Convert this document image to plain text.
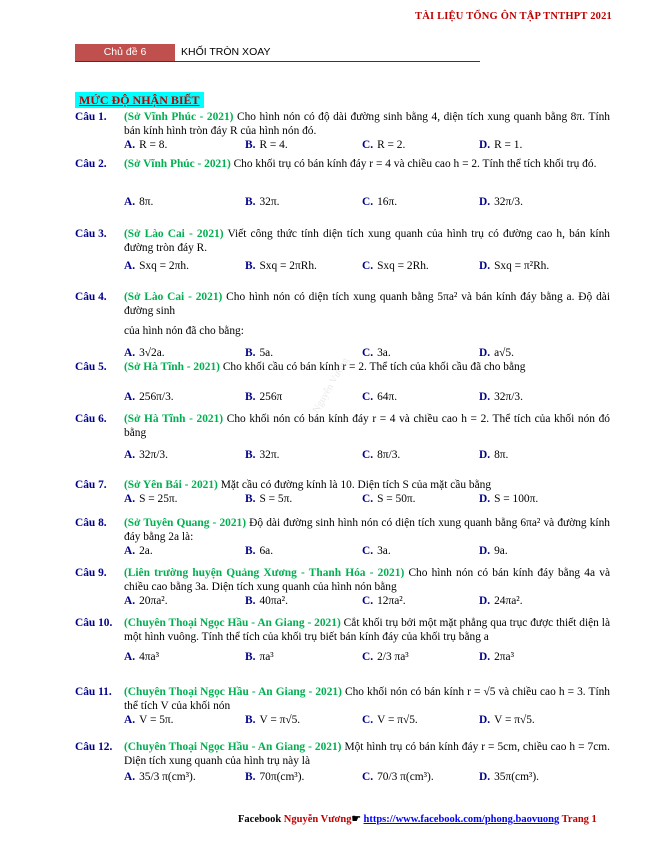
TÀI LIỆU TỔNG ÔN TẬP TNTHPT 2021
Chủ đề 6	KHỐI TRÒN XOAY
MỨC ĐỘ NHẬN BIẾT
Nguyễn Vương
Câu 1. (Sở Vĩnh Phúc - 2021) Cho hình nón có độ dài đường sinh bằng 4, diện tích xung quanh bằng 8π. Tính bán kính hình tròn đáy R của hình nón đó.
A. R = 8.	B. R = 4.	C. R = 2.	D. R = 1.
Câu 2. (Sở Vĩnh Phúc - 2021) Cho khối trụ có bán kính đáy r = 4 và chiều cao h = 2. Tính thể tích khối trụ đó.
A. 8π.	B. 32π.	C. 16π.	D. 32π/3.
Câu 3. (Sở Lào Cai - 2021) Viết công thức tính diện tích xung quanh của hình trụ có đường cao h, bán kính đường tròn đáy R.
A. Sxq = 2πh.	B. Sxq = 2πRh.	C. Sxq = 2Rh.	D. Sxq = π²Rh.
Câu 4. (Sở Lào Cai - 2021) Cho hình nón có diện tích xung quanh bằng 5πa² và bán kính đáy bằng a. Độ dài đường sinh
của hình nón đã cho bằng:
A. 3√2a.	B. 5a.	C. 3a.	D. a√5.
Câu 5. (Sở Hà Tĩnh - 2021) Cho khối cầu có bán kính r = 2. Thể tích của khối cầu đã cho bằng
A. 256π/3.	B. 256π	C. 64π.	D. 32π/3.
Câu 6. (Sở Hà Tĩnh - 2021) Cho khối nón có bán kính đáy r = 4 và chiều cao h = 2. Thể tích của khối nón đó bằng
A. 32π/3.	B. 32π.	C. 8π/3.	D. 8π.
Câu 7. (Sở Yên Bái - 2021) Mặt cầu có đường kính là 10. Diện tích S của mặt cầu bằng
A. S = 25π.	B. S = 5π.	C. S = 50π.	D. S = 100π.
Câu 8. (Sở Tuyên Quang - 2021) Độ dài đường sinh hình nón có diện tích xung quanh bằng 6πa² và đường kính đáy bằng 2a là:
A. 2a.	B. 6a.	C. 3a.	D. 9a.
Câu 9. (Liên trường huyện Quảng Xương - Thanh Hóa - 2021) Cho hình nón có bán kính đáy bằng 4a và chiều cao bằng 3a. Diện tích xung quanh của hình nón bằng
A. 20πa².	B. 40πa².	C. 12πa².	D. 24πa².
Câu 10. (Chuyên Thoại Ngọc Hầu - An Giang - 2021) Cắt khối trụ bởi một mặt phẳng qua trục được thiết diện là một hình vuông. Tính thể tích của khối trụ biết bán kính đáy của khối trụ bằng a
A. 4πa³	B. πa³	C. 2/3 πa³	D. 2πa³
Câu 11. (Chuyên Thoại Ngọc Hầu - An Giang - 2021) Cho khối nón có bán kính r = √5 và chiều cao h = 3. Tính thể tích V của khối nón
A. V = 5π.	B. V = π√5.	C. V = π√5.	D. V = π√5.
Câu 12. (Chuyên Thoại Ngọc Hầu - An Giang - 2021) Một hình trụ có bán kính đáy r = 5cm, chiều cao h = 7cm. Diện tích xung quanh của hình trụ này là
A. 35/3 π(cm³).	B. 70π(cm³).	C. 70/3 π(cm³).	D. 35π(cm³).
Facebook Nguyễn Vương☛ https://www.facebook.com/phong.baovuong Trang 1
